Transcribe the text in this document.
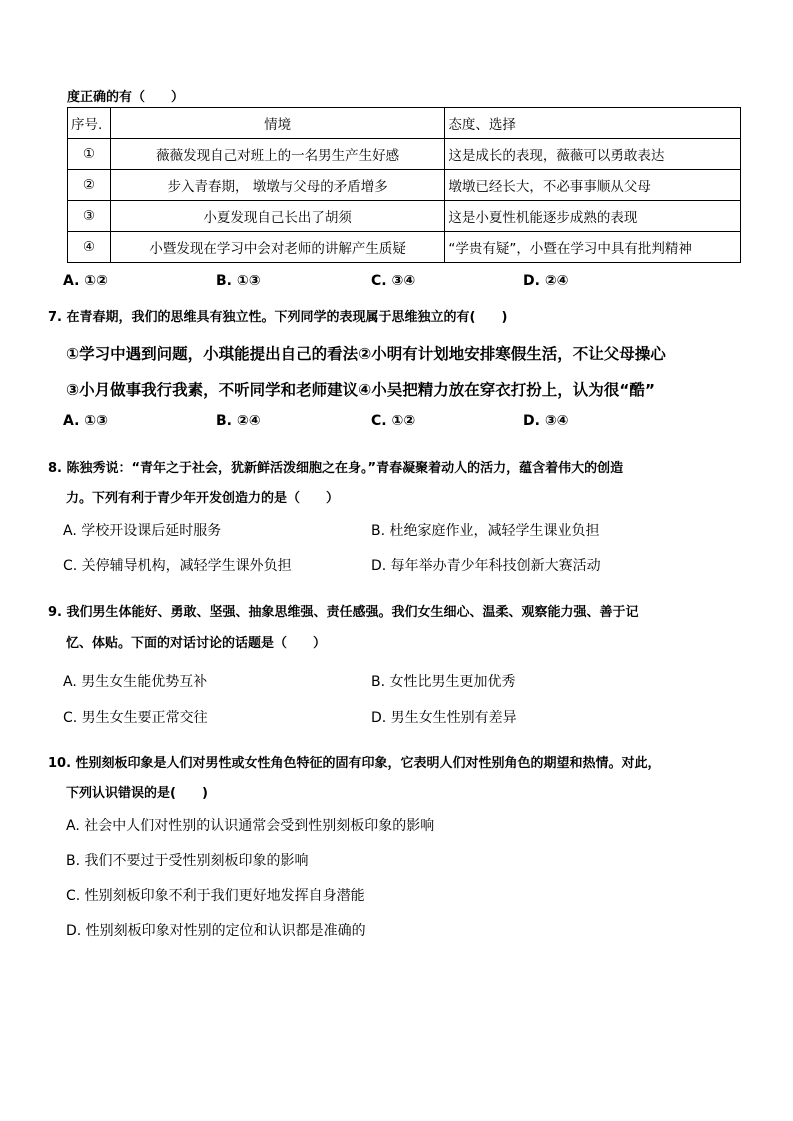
度正确的有（　　）
序号.	情境	态度、选择
①	薇薇发现自己对班上的一名男生产生好感	这是成长的表现，薇薇可以勇敢表达
②	步入青春期， 墩墩与父母的矛盾增多	墩墩已经长大，不必事事顺从父母
③	小夏发现自己长出了胡须	这是小夏性机能逐步成熟的表现
④	小暨发现在学习中会对老师的讲解产生质疑	“学贵有疑”，小暨在学习中具有批判精神
A. ①②	B. ①③	C. ③④	D. ②④
7. 在青春期，我们的思维具有独立性。下列同学的表现属于思维独立的有(　　)
①学习中遇到问题，小琪能提出自己的看法②小明有计划地安排寒假生活，不让父母操心
③小月做事我行我素，不听同学和老师建议④小吴把精力放在穿衣打扮上，认为很“酷”
A. ①③	B. ②④	C. ①②	D. ③④
8. 陈独秀说：“青年之于社会，犹新鲜活泼细胞之在身。”青春凝聚着动人的活力，蕴含着伟大的创造
力。下列有利于青少年开发创造力的是（　　）
A. 学校开设课后延时服务	B. 杜绝家庭作业，减轻学生课业负担
C. 关停辅导机构，减轻学生课外负担	D. 每年举办青少年科技创新大赛活动
9. 我们男生体能好、勇敢、坚强、抽象思维强、责任感强。我们女生细心、温柔、观察能力强、善于记
忆、体贴。下面的对话讨论的话题是（　　）
A. 男生女生能优势互补	B. 女性比男生更加优秀
C. 男生女生要正常交往	D. 男生女生性别有差异
10. 性别刻板印象是人们对男性或女性角色特征的固有印象，它表明人们对性别角色的期望和热情。对此，
下列认识错误的是(　　)
A. 社会中人们对性别的认识通常会受到性别刻板印象的影响
B. 我们不要过于受性别刻板印象的影响
C. 性别刻板印象不利于我们更好地发挥自身潜能
D. 性别刻板印象对性别的定位和认识都是准确的
